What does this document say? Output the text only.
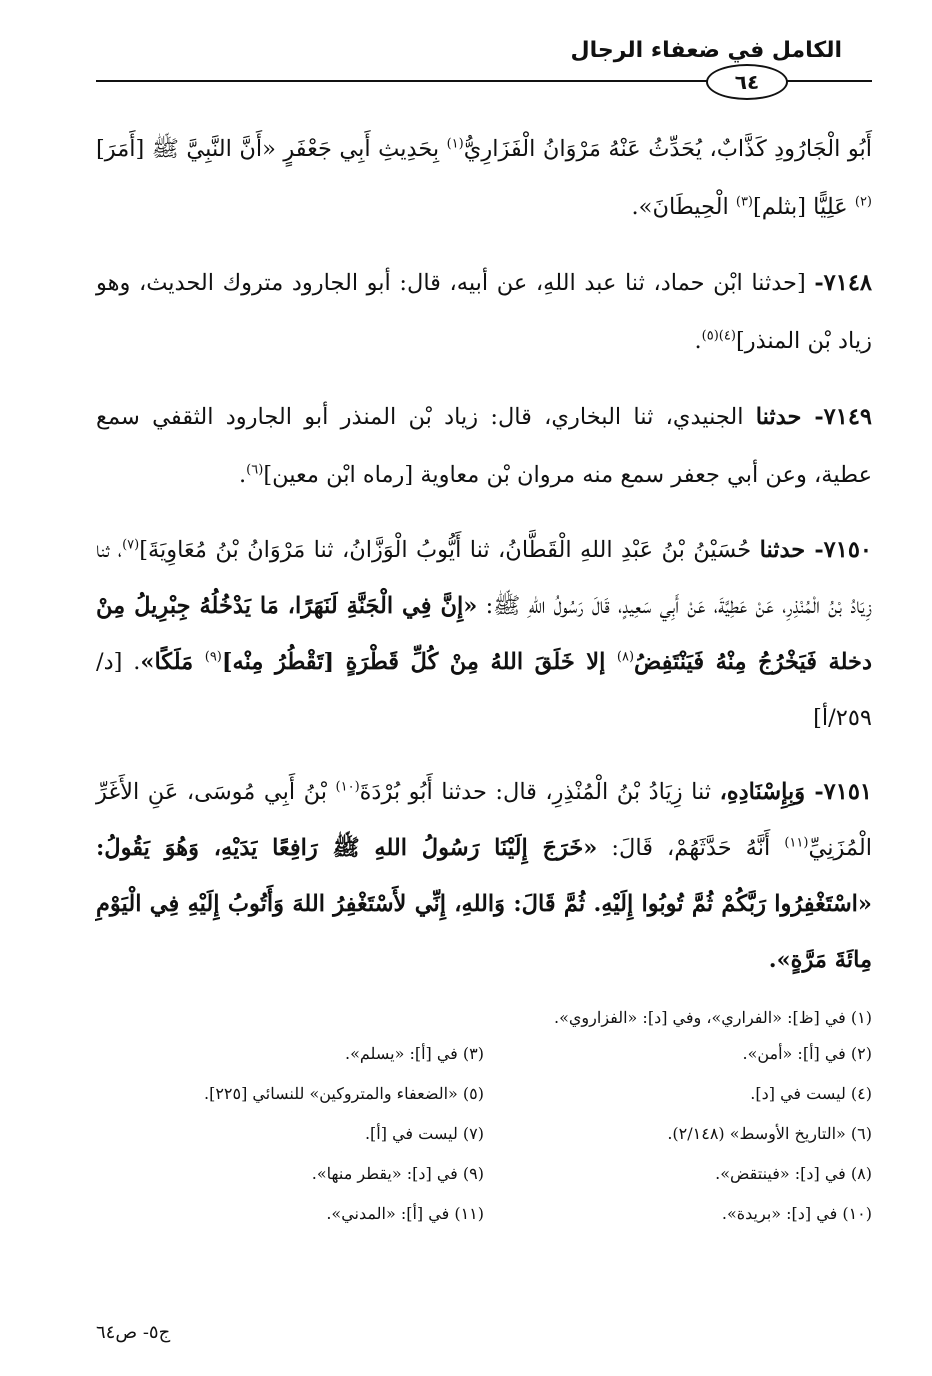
الكامل في ضعفاء الرجال
٦٤

أَبُو الْجَارُودِ كَذَّابٌ، يُحَدِّثُ عَنْهُ مَرْوَانُ الْفَزَارِيُّ$^{(١)}$ بِحَدِيثِ أَبِي جَعْفَرٍ «أَنَّ النَّبِيَّ ﷺ [أَمَرَ]$^{(٢)}$ عَلِيًّا [بثلم]$^{(٣)}$ الْحِيطَانَ».

٧١٤٨- [حدثنا ابْن حماد، ثنا عبد اللهِ، عن أبيه، قال: أبو الجارود متروك الحديث، وهو زياد بْن المنذر]$^{(٤)(٥)}$.

٧١٤٩- حدثنا الجنيدي، ثنا البخاري، قال: زياد بْن المنذر أبو الجارود الثقفي سمع عطية، وعن أبي جعفر سمع منه مروان بْن معاوية [رماه ابْن معين]$^{(٦)}$.

٧١٥٠- حدثنا حُسَيْنُ بْنُ عَبْدِ اللهِ الْقَطَّانُ، ثنا أَيُّوبُ الْوَزَّانُ، ثنا مَرْوَانُ بْنُ مُعَاوِيَةَ]$^{(٧)}$، ثنا زِيَادُ بْنُ الْمُنْذِرِ، عَنْ عَطِيَّةَ، عَنْ أَبِي سَعِيدٍ، قَالَ رَسُولُ اللهِ ﷺ: «إِنَّ فِي الْجَنَّةِ لَنَهَرًا، مَا يَدْخُلُهُ جِبْرِيلُ مِنْ دخلة فَيَخْرُجُ مِنْهُ فَيَنْتَفِضُ$^{(٨)}$ إلا خَلَقَ اللهُ مِنْ كُلِّ قَطْرَةٍ [تَقْطُرُ مِنْه]$^{(٩)}$ مَلَكًا». [د/ ٢٥٩/أ]

٧١٥١- وَبِإِسْنَادِهِ، ثنا زِيَادُ بْنُ الْمُنْذِرِ، قال: حدثنا أَبُو بُرْدَةَ$^{(١٠)}$ بْنُ أَبِي مُوسَى، عَنِ الأَغَرِّ الْمُزَنِيِّ$^{(١١)}$ أَنَّهُ حَدَّثَهُمْ، قَالَ: «خَرَجَ إِلَيْنَا رَسُولُ اللهِ ﷺ رَافِعًا يَدَيْهِ، وَهُوَ يَقُولُ: «اسْتَغْفِرُوا رَبَّكُمْ ثُمَّ تُوبُوا إِلَيْهِ. ثُمَّ قَالَ: وَاللهِ، إِنِّي لأَسْتَغْفِرُ اللهَ وَأَتُوبُ إِلَيْهِ فِي الْيَوْمِ مِائَةَ مَرَّةٍ».

(١) في [ظ]: «الفراري»، وفي [د]: «الفزاروي».
(٢) في [أ]: «أمن».
(٣) في [أ]: «يسلم».
(٤) ليست في [د].
(٥) «الضعفاء والمتروكين» للنسائي [٢٢٥].
(٦) «التاريخ الأوسط» (٢/١٤٨).
(٧) ليست في [أ].
(٨) في [د]: «فينتقض».
(٩) في [د]: «يقطر منها».
(١٠) في [د]: «بريدة».
(١١) في [أ]: «المدني».
ج٥- ص٦٤
